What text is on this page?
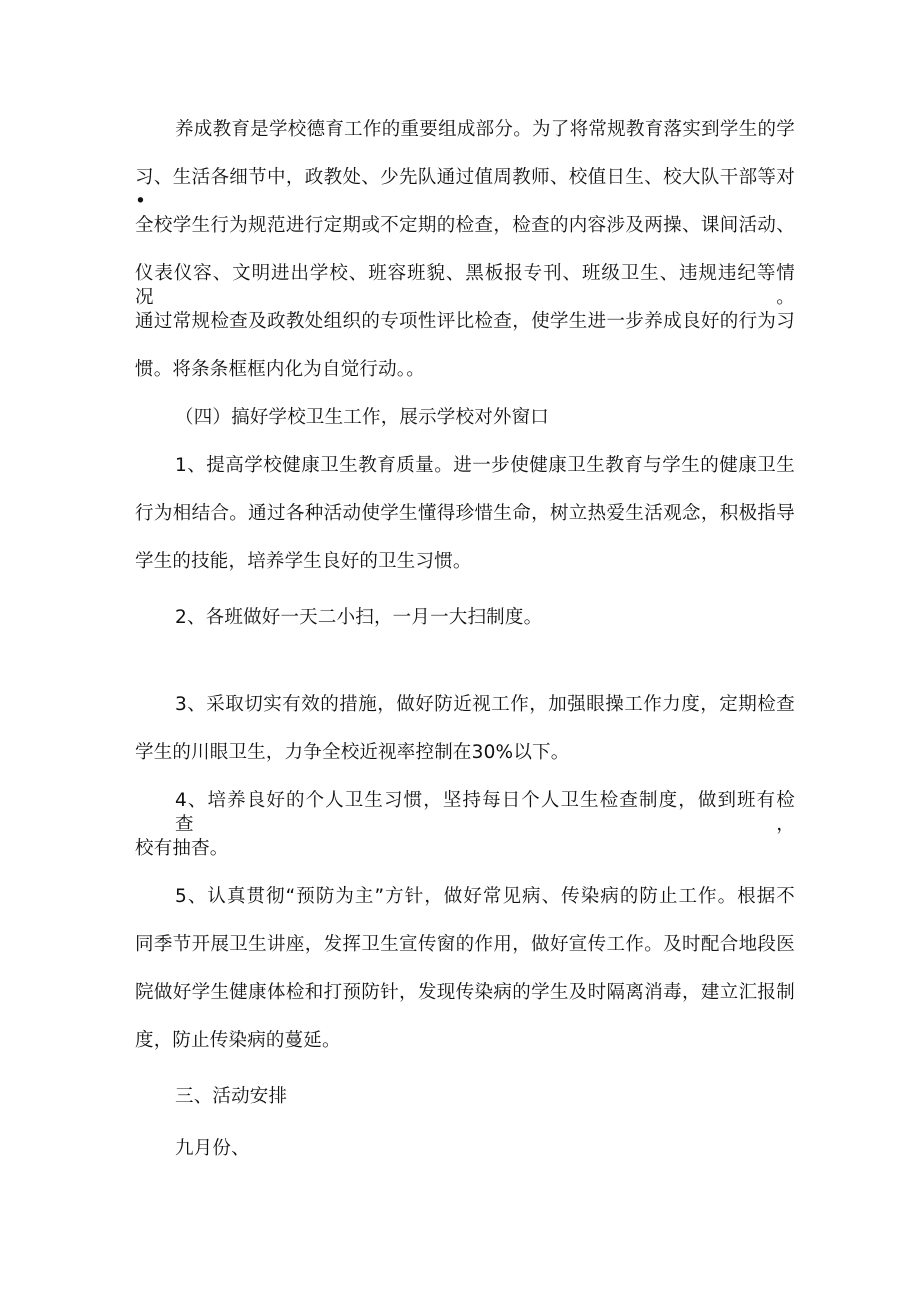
养成教育是学校德育工作的重要组成部分。为了将常规教育落实到学生的学
习、生活各细节中，政教处、少先队通过值周教师、校值日生、校大队干部等对•
全校学生行为规范进行定期或不定期的检查，检查的内容涉及两操、课间活动、
仪表仪容、文明进出学校、班容班貌、黑板报专刊、班级卫生、违规违纪等情况。
通过常规检查及政教处组织的专项性评比检查，使学生进一步养成良好的行为习
惯。将条条框框内化为自觉行动。。
（四）搞好学校卫生工作，展示学校对外窗口
1、提高学校健康卫生教育质量。进一步使健康卫生教育与学生的健康卫生
行为相结合。通过各种活动使学生懂得珍惜生命，树立热爱生活观念，积极指导
学生的技能，培养学生良好的卫生习惯。
2、各班做好一天二小扫，一月一大扫制度。
3、采取切实有效的措施，做好防近视工作，加强眼操工作力度，定期检查
学生的川眼卫生，力争全校近视率控制在30%以下。
4、培养良好的个人卫生习惯，坚持每日个人卫生检查制度，做到班有检查，
校有抽杳。
5、认真贯彻“预防为主”方针，做好常见病、传染病的防止工作。根据不
同季节开展卫生讲座，发挥卫生宣传窗的作用，做好宣传工作。及时配合地段医
院做好学生健康体检和打预防针，发现传染病的学生及时隔离消毒，建立汇报制
度，防止传染病的蔓延。
三、活动安排
九月份、
